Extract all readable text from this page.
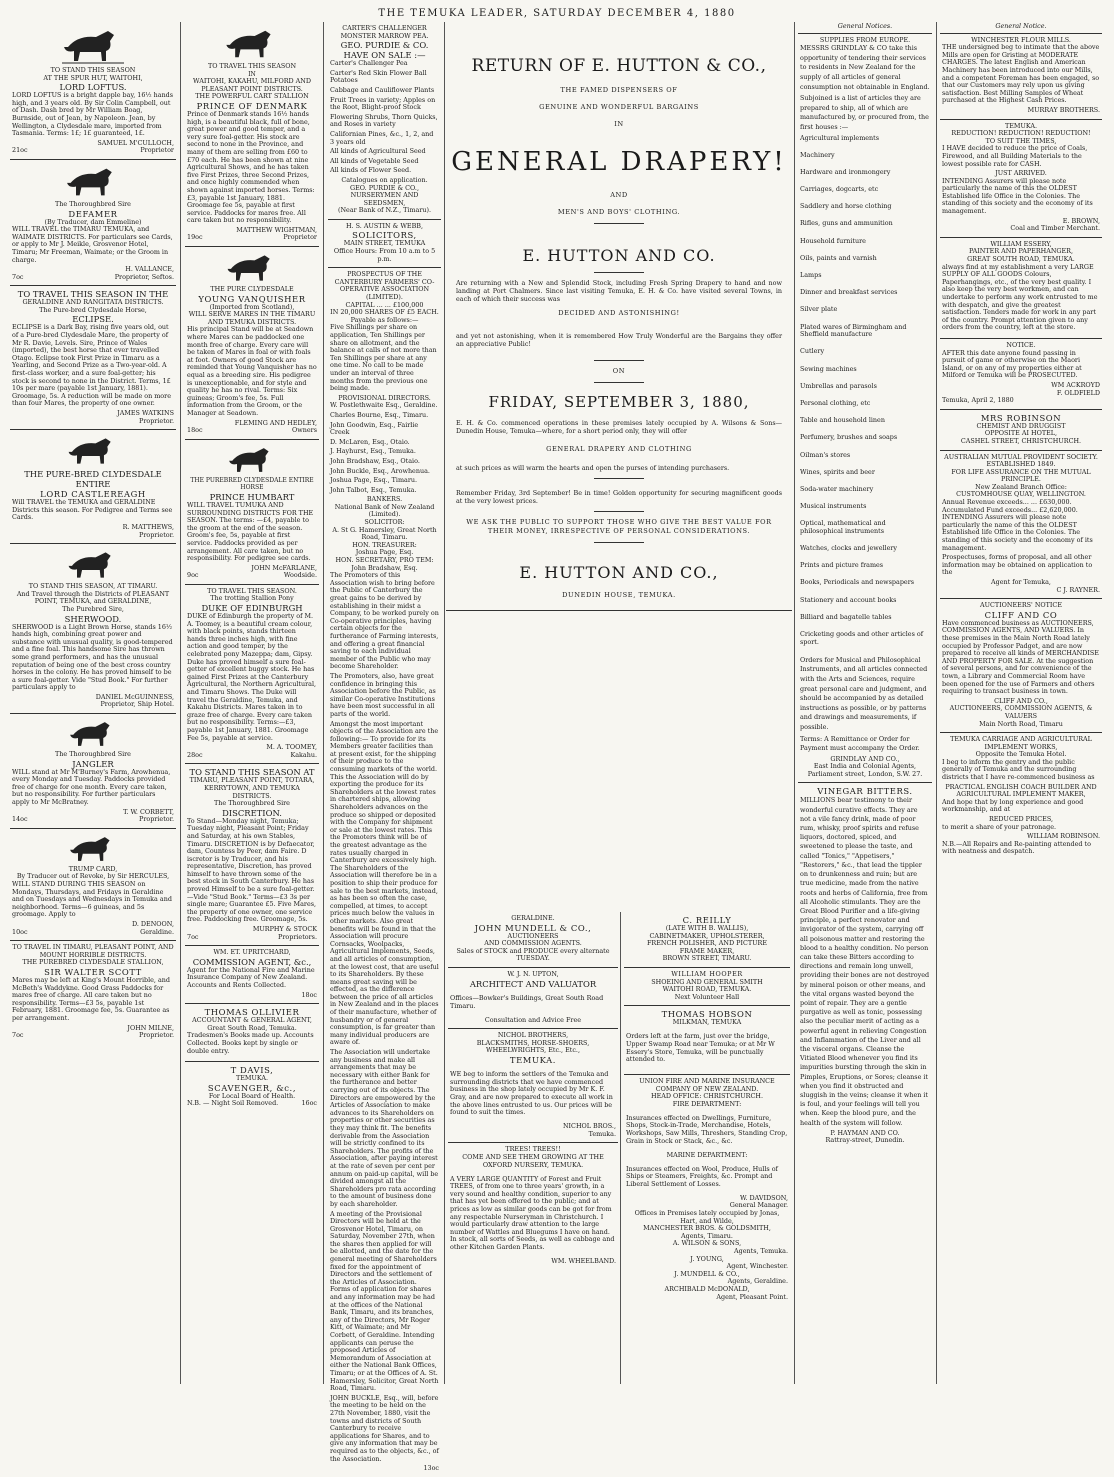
THE TEMUKA LEADER, SATURDAY DECEMBER 4, 1880
TO STAND THIS SEASON
AT THE SPUR HUT, WAITOHI,
LORD LOFTUS.

LORD LOFTUS is a bright dapple bay, 16½ hands high, and 3 years old. By Sir Colin Campbell, out of Dash. Dash bred by Mr William Boag, Burnside, out of Jean, by Napoleon. Jean, by Wellington, a Clydesdale mare, imported from Tasmania. Terms: 1£; 1£ guaranteed, 1£.

SAMUEL M'CULLOCH,
21oc	Proprietor
The Thoroughbred Sire
DEFAMER
(By Traducer, dam Emmeline)

WILL TRAVEL the TIMARU TEMUKA, and WAIMATE DISTRICTS. For particulars see Cards, or apply to Mr J. Meikle, Grosvenor Hotel, Timaru; Mr Freeman, Waimate; or the Groom in charge.

H. VALLANCE,
7oc	Proprietor, Seftos.
TO TRAVEL THIS SEASON IN THE
GERALDINE AND RANGITATA DISTRICTS.
The Pure-bred Clydesdale Horse,
ECLIPSE.

ECLIPSE is a Dark Bay, rising five years old, out of a Pure-bred Clydesdale Mare, the property of Mr R. Davie, Levels. Sire, Prince of Wales (imported), the best horse that ever travelled Otago. Eclipse took First Prize in Timaru as a Yearling, and Second Prize as a Two-year-old. A first-class worker, and a sure foal-getter; his stock is second to none in the District. Terms, 1£ 10s per mare (payable 1st January, 1881). Groomage, 5s. A reduction will be made on more than four Mares, the property of one owner.

JAMES WATKINS
Proprietor.
THE PURE-BRED CLYDESDALE ENTIRE
LORD CASTLEREAGH

Will TRAVEL the TEMUKA and GERALDINE Districts this season. For Pedigree and Terms see Cards.

R. MATTHEWS,
Proprietor.
TO STAND THIS SEASON, AT TIMARU.
And Travel through the Districts of PLEASANT POINT, TEMUKA, and GERALDINE,
The Purebred Sire,
SHERWOOD.

SHERWOOD is a Light Brown Horse, stands 16½ hands high, combining great power and substance with unusual quality, is good-tempered and a fine foal. This handsome Sire has thrown some grand performers, and has the unusual reputation of being one of the best cross country horses in the colony. He has proved himself to be a sure foal-getter. Vide "Stud Book." For further particulars apply to

DANIEL McGUINNESS,
Proprietor, Ship Hotel.
The Thoroughbred Sire
JANGLER

WILL stand at Mr M'Burney's Farm, Arowhenua, every Monday and Tuesday. Paddocks provided free of charge for one month. Every care taken, but no responsibility. For further particulars apply to Mr McBratney.

T. W. CORBETT,
14oc	Proprietor.
TRUMP CARD,
By Traducer out of Revoke, by Sir HERCULES,

WILL STAND DURING THIS SEASON on Mondays, Thursdays, and Fridays in Geraldine and on Tuesdays and Wednesdays in Temuka and neighborhood. Terms—6 guineas, and 5s groomage. Apply to

D. DENOON,
10oc	Geraldine.
TO TRAVEL IN TIMARU, PLEASANT POINT, AND MOUNT HORRIBLE DISTRICTS.
THE PUREBRED CLYDESDALE STALLION,
SIR WALTER SCOTT

Mares may be left at King's Mount Horrible, and McBeth's Waddykne. Good Grass Paddocks for mares free of charge. All care taken but no responsibility. Terms—£3 5s, payable 1st February, 1881. Groomage fee, 5s. Guarantee as per arrangement.

JOHN MILNE,
7oc	Proprietor.
TO TRAVEL THIS SEASON
IN
WAITOHI, KAKAHU, MILFORD AND PLEASANT POINT DISTRICTS.
THE POWERFUL CART STALLION
PRINCE OF DENMARK

Prince of Denmark stands 16½ hands high, is a beautiful black, full of bone, great power and good temper, and a very sure foal-getter. His stock are second to none in the Province, and many of them are selling from £60 to £70 each. He has been shown at nine Agricultural Shows, and he has taken five First Prizes, three Second Prizes, and once highly commended when shown against imported horses. Terms: £3, payable 1st January, 1881. Groomage fee 5s, payable at first service. Paddocks for mares free. All care taken but no responsibility.

MATTHEW WIGHTMAN,
19oc	Proprietor
THE PURE CLYDESDALE
YOUNG VANQUISHER
(Imported from Scotland),
WILL SERVE MARES IN THE TIMARU AND TEMUKA DISTRICTS.

His principal Stand will be at Seadown where Mares can be paddocked one month free of charge. Every care will be taken of Mares in foal or with foals at foot. Owners of good Stock are reminded that Young Vanquisher has no equal as a breeding sire. His pedigree is unexceptionable, and for style and quality he has no rival. Terms: Six guineas; Groom's fee, 5s. Full information from the Groom, or the Manager at Seadown.

FLEMING AND HEDLEY,
18oc	Owners
THE PUREBRED CLYDESDALE ENTIRE HORSE
PRINCE HUMBART

WILL TRAVEL TUMUKA AND SURROUNDING DISTRICTS FOR THE SEASON. The terms: —£4, payable to the groom at the end of the season. Groom's fee, 5s, payable at first service. Paddocks provided as per arrangement. All care taken, but no responsibility. For pedigree see cards.

JOHN McFARLANE,
9oc	Woodside.
TO TRAVEL THIS SEASON.
The trotting Stallion Pony
DUKE OF EDINBURGH

DUKE of Edinburgh the property of M. A. Toomey, is a beautiful cream colour, with black points, stands thirteen hands three inches high, with fine action and good temper, by the celebrated pony Mazeppa; dam, Gipsy. Duke has proved himself a sure foal-getter of excellent buggy stock. He has gained First Prizes at the Canterbury Agricultural, the Northern Agricultural, and Timaru Shows. The Duke will travel the Geraldine, Temuka, and Kakahu Districts. Mares taken in to graze free of charge. Every care taken but no responsibility. Terms:—£3, payable 1st January, 1881. Groomage Fee 5s, payable at service.

M. A. TOOMEY,
28oc	Kakahu.
TO STAND THIS SEASON AT
TIMARU, PLEASANT POINT, TOTARA, KERRYTOWN, AND TEMUKA DISTRICTS.
The Thoroughbred Sire
DISCRETION.

To Stand—Monday night, Temuka; Tuesday night, Pleasant Point; Friday and Saturday, at his own Stables, Timaru. DISCRETION is by Defaecator, dam, Countess by Peer, dam Faire. D iscretor is by Traducer, and his representative, Discretion, has proved himself to have thrown some of the best stock in South Canterbury. He has proved Himself to be a sure foal-getter.—Vide "Stud Book." Terms—£3 3s per single mare; Guarantee £5. Five Mares, the property of one owner, one service free. Paddocking free. Groomage, 5s.

MURPHY & STOCK
7oc	Proprietors.
WM. ET. UPRITCHARD,
COMMISSION AGENT, &c.,

Agent for the National Fire and Marine Insurance Company of New Zealand. Accounts and Rents Collected.

18oc
THOMAS OLLIVIER
ACCOUNTANT & GENERAL AGENT,
Great South Road, Temuka.

Tradesmen's Books made up. Accounts Collected. Books kept by single or double entry.

T DAVIS,
TEMUKA.
SCAVENGER, &c.,
For Local Board of Health.
N.B. — Night Soil Removed.	16oc
CARTER'S CHALLENGER MONSTER MARROW PEA.
GEO. PURDIE & CO. HAVE ON SALE :—

Carter's Challenger Pea

Carter's Red Skin Flower Ball Potatoes

Cabbage and Cauliflower Plants

Fruit Trees in variety; Apples on the Root, Blight-proof Stock

Flowering Shrubs, Thorn Quicks, and Roses in variety

Californian Pines, &c., 1, 2, and 3 years old

All kinds of Agricultural Seed

All kinds of Vegetable Seed

All kinds of Flower Seed.

Catalogues on application.
GEO. PURDIE & CO.,
NURSERYMEN AND SEEDSMEN,
(Near Bank of N.Z., Timaru).
H. S. AUSTIN & WEBB,
SOLICITORS,
MAIN STREET, TEMUKA
Office Hours: From 10 a.m to 5 p.m.
PROSPECTUS OF THE CANTERBURY FARMERS' CO-OPERATIVE ASSOCIATION (LIMITED).
CAPITAL ... ... £100,000
IN 20,000 SHARES OF £5 EACH.
Payable as follows:—

Five Shillings per share on application, Ten Shillings per share on allotment, and the balance at calls of not more than Ten Shillings per share at any one time. No call to be made under an interval of three months from the previous one being made.

PROVISIONAL DIRECTORS.

W. Postlethwaite Esq., Geraldine.

Charles Bourne, Esq., Timaru.

John Goodwin, Esq., Fairlie Creek

D. McLaren, Esq., Otaio.

J. Hayhurst, Esq., Temuka.

John Bradshaw, Esq., Otaio.

John Buckle, Esq., Arowhenua.

Joshua Page, Esq., Timaru.

John Talbot, Esq., Temuka.

BANKERS.
National Bank of New Zealand (Limited).
SOLICITOR:
A. St G. Hamersley, Great North Road, Timaru.
HON. TREASURER:
Joshua Page, Esq.
HON. SECRETARY, PRO TEM:
John Bradshaw, Esq.

The Promoters of this Association wish to bring before the Public of Canterbury the great gains to be derived by establishing in their midst a Company, to be worked purely on Co-operative principles, having certain objects for the furtherance of Farming interests, and offering a great financial saving to each individual member of the Public who may become Shareholder.

The Promoters, also, have great confidence in bringing this Association before the Public, as similar Co-operative Institutions have been most successful in all parts of the world.

Amongst the most important objects of the Association are the following:— To provide for its Members greater facilities than at present exist, for the shipping of their produce to the consuming markets of the world. This the Association will do by exporting the produce for its Shareholders at the lowest rates in chartered ships, allowing Shareholders advances on the produce so shipped or deposited with the Company for shipment or sale at the lowest rates. This the Promoters think will be of the greatest advantage as the rates usually charged in Canterbury are excessively high. The Shareholders of the Association will therefore be in a position to ship their produce for sale to the best markets, instead, as has been so often the case, compelled, at times, to accept prices much below the values in other markets. Also great benefits will be found in that the Association will procure Cornsacks, Woolpacks, Agricultural Implements, Seeds, and all articles of consumption, at the lowest cost, that are useful to its Shareholders. By these means great saving will be effected, as the difference between the price of all articles in New Zealand and in the places of their manufacture, whether of husbandry or of general consumption, is far greater than many individual producers are aware of.

The Association will undertake any business and make all arrangements that may be necessary with either Bank for the furtherance and better carrying out of its objects. The Directors are empowered by the Articles of Association to make advances to its Shareholders on properties or other securities as they may think fit. The benefits derivable from the Association will be strictly confined to its Shareholders. The profits of the Association, after paying interest at the rate of seven per cent per annum on paid-up capital, will be divided amongst all the Shareholders pro rata according to the amount of business done by each shareholder.

A meeting of the Provisional Directors will be held at the Grosvenor Hotel, Timaru, on Saturday, November 27th, when the shares then applied for will be allotted, and the date for the general meeting of Shareholders fixed for the appointment of Directors and the settlement of the Articles of Association. Forms of application for shares and any information may be had at the offices of the National Bank, Timaru, and its branches, any of the Directors, Mr Roger Kitt, of Waimate; and Mr Corbett, of Geraldine. Intending applicants can peruse the proposed Articles of Memorandum of Association at either the National Bank Offices, Timaru; or at the Offices of A. St. Hamersley, Solicitor, Great North Road, Timaru.

JOHN BUCKLE, Esq., will, before the meeting to be held on the 27th November, 1880, visit the towns and districts of South Canterbury to receive applications for Shares, and to give any information that may be required as to the objects, &c., of the Association.

13oc
RETURN OF E. HUTTON & CO.,
THE FAMED DISPENSERS OF
GENUINE AND WONDERFUL BARGAINS
IN
GENERAL DRAPERY!
AND
MEN'S AND BOYS' CLOTHING.
E. HUTTON AND CO.
Are returning with a New and Splendid Stock, including Fresh Spring Drapery to hand and now landing at Port Chalmers. Since last visiting Temuka, E. H. & Co. have visited several Towns, in each of which their success was
DECIDED AND ASTONISHING!
and yet not astonishing, when it is remembered How Truly Wonderful are the Bargains they offer an appreciative Public!
ON
FRIDAY, SEPTEMBER 3, 1880,
E. H. & Co. commenced operations in these premises lately occupied by A. Wilsons & Sons—Dunedin House, Temuka—where, for a short period only, they will offer
GENERAL DRAPERY AND CLOTHING
at such prices as will warm the hearts and open the purses of intending purchasers.
Remember Friday, 3rd September! Be in time! Golden opportunity for securing magnificent goods at the very lowest prices.
WE ASK THE PUBLIC TO SUPPORT THOSE WHO GIVE THE BEST VALUE FOR THEIR MONEY, IRRESPECTIVE OF PERSONAL CONSIDERATIONS.
E. HUTTON AND CO.,
DUNEDIN HOUSE, TEMUKA.
GERALDINE.
JOHN MUNDELL & CO.,
AUCTIONEERS
AND COMMISSION AGENTS.
Sales of STOCK and PRODUCE every alternate TUESDAY.
W. J. N. UPTON,
ARCHITECT AND VALUATOR

Offices—Bowker's Buildings, Great South Road Timaru.

Consultation and Advice Free
NICHOL BROTHERS,
BLACKSMITHS, HORSE-SHOERS, WHEELWRIGHTS, Etc., Etc.,
TEMUKA.

WE beg to inform the settlers of the Temuka and surrounding districts that we have commenced business in the shop lately occupied by Mr K. F. Gray, and are now prepared to execute all work in the above lines entrusted to us. Our prices will be found to suit the times.

NICHOL BROS.,
Temuka.
TREES! TREES!!
COME AND SEE THEM GROWING AT THE OXFORD NURSERY, TEMUKA.

A VERY LARGE QUANTITY of Forest and Fruit TREES, of from one to three years' growth, in a very sound and healthy condition, superior to any that has yet been offered to the public; and at prices as low as similar goods can be got for from any respectable Nurseryman in Christchurch. I would particularly draw attention to the large number of Wattles and Bluegums I have on hand. In stock, all sorts of Seeds, as well as cabbage and other Kitchen Garden Plants.

WM. WHEELBAND.
C. REILLY
(LATE WITH B. WALLIS),
CABINETMAKER, UPHOLSTERER,
FRENCH POLISHER, AND PICTURE
FRAME MAKER,
BROWN STREET, TIMARU.
WILLIAM HOOPER
SHOEING AND GENERAL SMITH
WAITOHI ROAD, TEMUKA.
Next Volunteer Hall
THOMAS HOBSON
MILKMAN, TEMUKA

Orders left at the farm, just over the bridge, Upper Swamp Road near Temuka; or at Mr W Essery's Store, Temuka, will be punctually attended to.

UNION FIRE AND MARINE INSURANCE COMPANY OF NEW ZEALAND.
HEAD OFFICE: CHRISTCHURCH.
FIRE DEPARTMENT:

Insurances effected on Dwellings, Furniture, Shops, Stock-in-Trade, Merchandise, Hotels, Workshops, Saw Mills, Threshers, Standing Crop, Grain in Stock or Stack, &c., &c.

MARINE DEPARTMENT:

Insurances effected on Wool, Produce, Hulls of Ships or Steamers, Freights, &c. Prompt and Liberal Settlement of Losses.

W. DAVIDSON,
General Manager.
Offices in Premises lately occupied by Jonas, Hart, and Wilde,
MANCHESTER BROS. & GOLDSMITH,
Agents, Timaru.
A. WILSON & SONS,
Agents, Temuka.
J. YOUNG,
Agent, Winchester.
J. MUNDELL & CO.,
Agents, Geraldine.
ARCHIBALD McDONALD,
Agent, Pleasant Point.
General Notices.
SUPPLIES FROM EUROPE.

MESSRS GRINDLAY & CO take this opportunity of tendering their services to residents in New Zealand for the supply of all articles of general consumption not obtainable in England.

Subjoined is a list of articles they are prepared to ship, all of which are manufactured by, or procured from, the first houses :—

Agricultural implements

Machinery

Hardware and ironmongery

Carriages, dogcarts, etc

Saddlery and horse clothing

Rifles, guns and ammunition

Household furniture

Oils, paints and varnish

Lamps

Dinner and breakfast services

Silver plate

Plated wares of Birmingham and Sheffield manufacture

Cutlery

Sewing machines

Umbrellas and parasols

Personal clothing, etc

Table and household linen

Perfumery, brushes and soaps

Oilman's stores

Wines, spirits and beer

Soda-water machinery

Musical instruments

Optical, mathematical and philosophical instruments

Watches, clocks and jewellery

Prints and picture frames

Books, Periodicals and newspapers

Stationery and account books

Billiard and bagatelle tables

Cricketing goods and other articles of sport.

Orders for Musical and Philosophical Instruments, and all articles connected with the Arts and Sciences, require great personal care and judgment, and should be accompanied by as detailed instructions as possible, or by patterns and drawings and measurements, if possible.

Terms: A Remittance or Order for Payment must accompany the Order.

GRINDLAY AND CO.,
East India and Colonial Agents,
Parliament street, London, S.W. 27.
VINEGAR BITTERS.

MILLIONS bear testimony to their wonderful curative effects. They are not a vile fancy drink, made of poor rum, whisky, proof spirits and refuse liquors, doctored, spiced, and sweetened to please the taste, and called "Tonics," "Appetisers," "Restorers," &c., that lead the tippler on to drunkenness and ruin; but are true medicine, made from the native roots and herbs of California, free from all Alcoholic stimulants. They are the Great Blood Purifier and a life-giving principle, a perfect renovator and invigorator of the system, carrying off all poisonous matter and restoring the blood to a healthy condition. No person can take these Bitters according to directions and remain long unwell, providing their bones are not destroyed by mineral poison or other means, and the vital organs wasted beyond the point of repair. They are a gentle purgative as well as tonic, possessing also the peculiar merit of acting as a powerful agent in relieving Congestion and Inflammation of the Liver and all the visceral organs. Cleanse the Vitiated Blood whenever you find its impurities bursting through the skin in Pimples, Eruptions, or Sores; cleanse it when you find it obstructed and sluggish in the veins; cleanse it when it is foul, and your feelings will tell you when. Keep the blood pure, and the health of the system will follow.

P. HAYMAN AND CO.
Rattray-street, Dunedin.
General Notice.
WINCHESTER FLOUR MILLS.

THE undersigned beg to intimate that the above Mills are open for Gristing at MODERATE CHARGES. The latest English and American Machinery has been introduced into our Mills, and a competent Foreman has been engaged, so that our Customers may rely upon us giving satisfaction. Best Milling Samples of Wheat purchased at the Highest Cash Prices.

MURRAY BROTHERS.
TEMUKA.
REDUCTION! REDUCTION! REDUCTION!
TO SUIT THE TIMES,

I HAVE decided to reduce the price of Coals, Firewood, and all Building Materials to the lowest possible rate for CASH.

JUST ARRIVED.

INTENDING Assurers will please note particularly the name of this the OLDEST Established life Office in the Colonies. The standing of this society and the economy of its management.

E. BROWN,
Coal and Timber Merchant.
WILLIAM ESSERY,
PAINTER AND PAPERHANGER,
GREAT SOUTH ROAD, TEMUKA.

always find at my establishment a very LARGE SUPPLY OF ALL GOODS Colours, Paperhangings, etc., of the very best quality. I also keep the very best workmen, and can undertake to perform any work entrusted to me with despatch, and give the greatest satisfaction. Tenders made for work in any part of the country. Prompt attention given to any orders from the country, left at the store.

NOTICE.

AFTER this date anyone found passing in pursuit of game or otherwise on the Maori Island, or on any of my properties either at Milford or Temuka will be PROSECUTED.

WM ACKROYD
F. OLDFIELD
Temuka, April 2, 1880
MRS ROBINSON
CHEMIST AND DRUGGIST
OPPOSITE AI HOTEL,
CASHEL STREET, CHRISTCHURCH.
AUSTRALIAN MUTUAL PROVIDENT SOCIETY.
ESTABLISHED 1849.
FOR LIFE ASSURANCE ON THE MUTUAL PRINCIPLE.
New Zealand Branch Office:
CUSTOMHOUSE QUAY, WELLINGTON.
Annual Revenue exceeds... ... £630,000.
Accumulated Fund exceeds... £2,620,000.

INTENDING Assurers will please note particularly the name of this the OLDEST Established life Office in the Colonies. The standing of this society and the economy of its management.

Prospectuses, forms of proposal, and all other information may be obtained on application to the

Agent for Temuka,
C J. RAYNER.
AUCTIONEERS' NOTICE
CLIFF AND CO

Have commenced business as AUCTIONEERS, COMMISSION AGENTS, AND VALUERS. In these premises in the Main North Road lately occupied by Professor Padget, and are now prepared to receive all kinds of MERCHANDISE AND PROPERTY FOR SALE. At the suggestion of several persons, and for convenience of the town, a Library and Commercial Room have been opened for the use of Farmers and others requiring to transact business in town.

CLIFF AND CO.,
AUCTIONEERS, COMMISSION AGENTS, & VALUERS
Main North Road, Timaru
TEMUKA CARRIAGE AND AGRICULTURAL IMPLEMENT WORKS,
Opposite the Temuka Hotel.

I beg to inform the gentry and the public generally of Temuka and the surrounding districts that I have re-commenced business as

PRACTICAL ENGLISH COACH BUILDER AND AGRICULTURAL IMPLEMENT MAKER,

And hope that by long experience and good workmanship, and at

REDUCED PRICES,

to merit a share of your patronage.

WILLIAM ROBINSON.

N.B.—All Repairs and Re-painting attended to with neatness and despatch.
